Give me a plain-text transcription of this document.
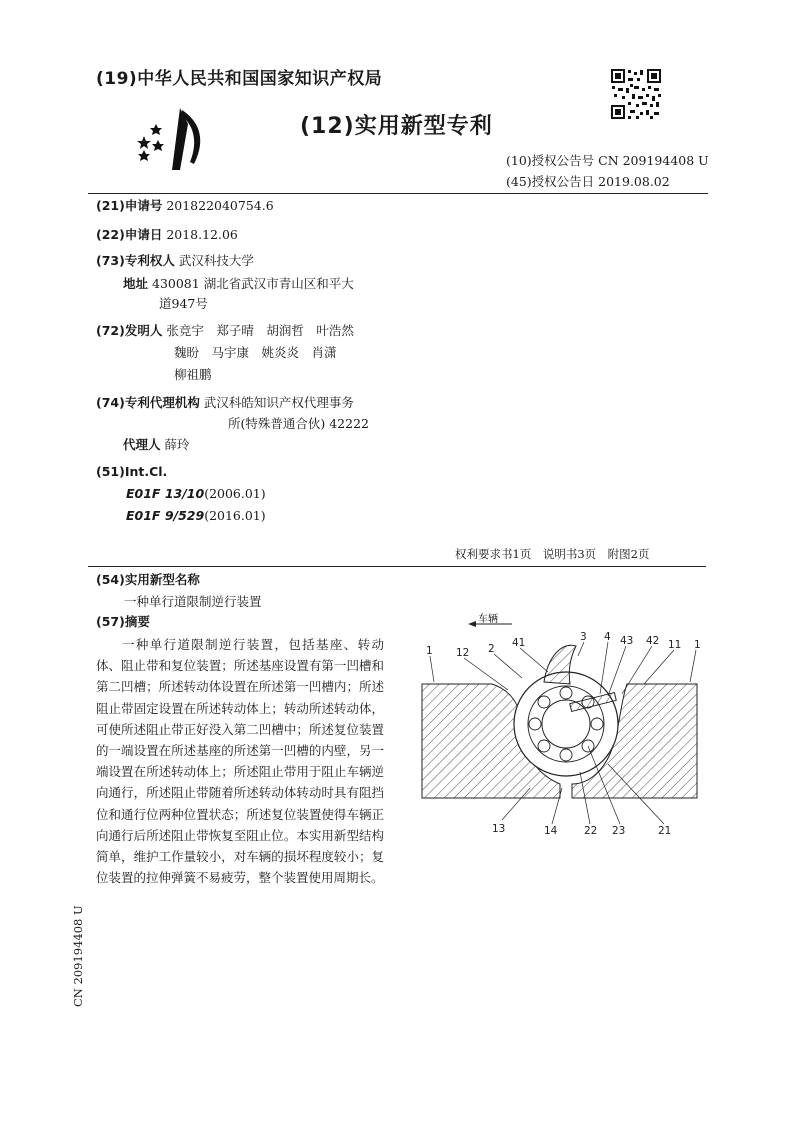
(19)中华人民共和国国家知识产权局
(12)实用新型专利
(10)授权公告号 CN 209194408 U
(45)授权公告日 2019.08.02
(21)申请号 201822040754.6
(22)申请日 2018.12.06
(73)专利权人 武汉科技大学
地址 430081 湖北省武汉市青山区和平大
道947号
(72)发明人 张竞宇　郑子晴　胡润哲　叶浩然
魏盼　马宇康　姚炎炎　肖潇
柳祖鹏
(74)专利代理机构 武汉科皓知识产权代理事务
所(特殊普通合伙) 42222
代理人 薛玲
(51)Int.Cl.
E01F 13/10(2006.01)
E01F 9/529(2016.01)
权利要求书1页　说明书3页　附图2页
(54)实用新型名称
一种单行道限制逆行装置
(57)摘要
一种单行道限制逆行装置，包括基座、转动体、阻止带和复位装置；所述基座设置有第一凹槽和第二凹槽；所述转动体设置在所述第一凹槽内；所述阻止带固定设置在所述转动体上；转动所述转动体，可使所述阻止带正好没入第二凹槽中；所述复位装置的一端设置在所述基座的所述第一凹槽的内壁，另一端设置在所述转动体上；所述阻止带用于阻止车辆逆向通行，所述阻止带随着所述转动体转动时具有阻挡位和通行位两种位置状态；所述复位装置使得车辆正向通行后所述阻止带恢复至阻止位。本实用新型结构简单，维护工作量较小，对车辆的损坏程度较小；复位装置的拉伸弹簧不易疲劳，整个装置使用周期长。
车辆
1 12 2 41	3 4 43 42 11 1
13	14	22 23	21
CN 209194408 U
